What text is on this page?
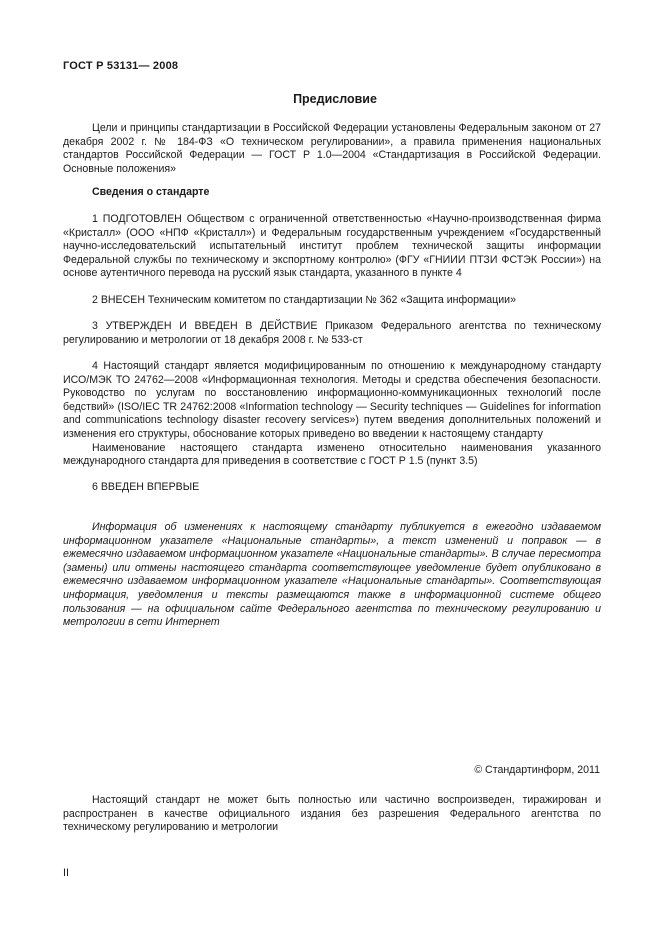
ГОСТ Р 53131— 2008
Предисловие

Цели и принципы стандартизации в Российской Федерации установлены Федеральным законом от 27 декабря 2002 г. № 184-ФЗ «О техническом регулировании», а правила применения национальных стандартов Российской Федерации — ГОСТ Р 1.0—2004 «Стандартизация в Российской Федерации. Основные положения»

Сведения о стандарте

1 ПОДГОТОВЛЕН Обществом с ограниченной ответственностью «Научно-производственная фирма «Кристалл» (ООО «НПФ «Кристалл») и Федеральным государственным учреждением «Государственный научно-исследовательский испытательный институт проблем технической защиты информации Федеральной службы по техническому и экспортному контролю» (ФГУ «ГНИИИ ПТЗИ ФСТЭК России») на основе аутентичного перевода на русский язык стандарта, указанного в пункте 4

2 ВНЕСЕН Техническим комитетом по стандартизации № 362 «Защита информации»

3 УТВЕРЖДЕН И ВВЕДЕН В ДЕЙСТВИЕ Приказом Федерального агентства по техническому регулированию и метрологии от 18 декабря 2008 г. № 533-ст

4 Настоящий стандарт является модифицированным по отношению к международному стандарту ИСО/МЭК ТО 24762—2008 «Информационная технология. Методы и средства обеспечения безопасности. Руководство по услугам по восстановлению информационно-коммуникационных технологий после бедствий» (ISO/IEC TR 24762:2008 «Information technology — Security techniques — Guidelines for information and communications technology disaster recovery services») путем введения дополнительных положений и изменения его структуры, обоснование которых приведено во введении к настоящему стандарту

Наименование настоящего стандарта изменено относительно наименования указанного международного стандарта для приведения в соответствие с ГОСТ Р 1.5 (пункт 3.5)

6 ВВЕДЕН ВПЕРВЫЕ

Информация об изменениях к настоящему стандарту публикуется в ежегодно издаваемом информационном указателе «Национальные стандарты», а текст изменений и поправок — в ежемесячно издаваемом информационном указателе «Национальные стандарты». В случае пересмотра (замены) или отмены настоящего стандарта соответствующее уведомление будет опубликовано в ежемесячно издаваемом информационном указателе «Национальные стандарты». Соответствующая информация, уведомления и тексты размещаются также в информационной системе общего пользования — на официальном сайте Федерального агентства по техническому регулированию и метрологии в сети Интернет

© Стандартинформ, 2011

Настоящий стандарт не может быть полностью или частично воспроизведен, тиражирован и распространен в качестве официального издания без разрешения Федерального агентства по техническому регулированию и метрологии

II
